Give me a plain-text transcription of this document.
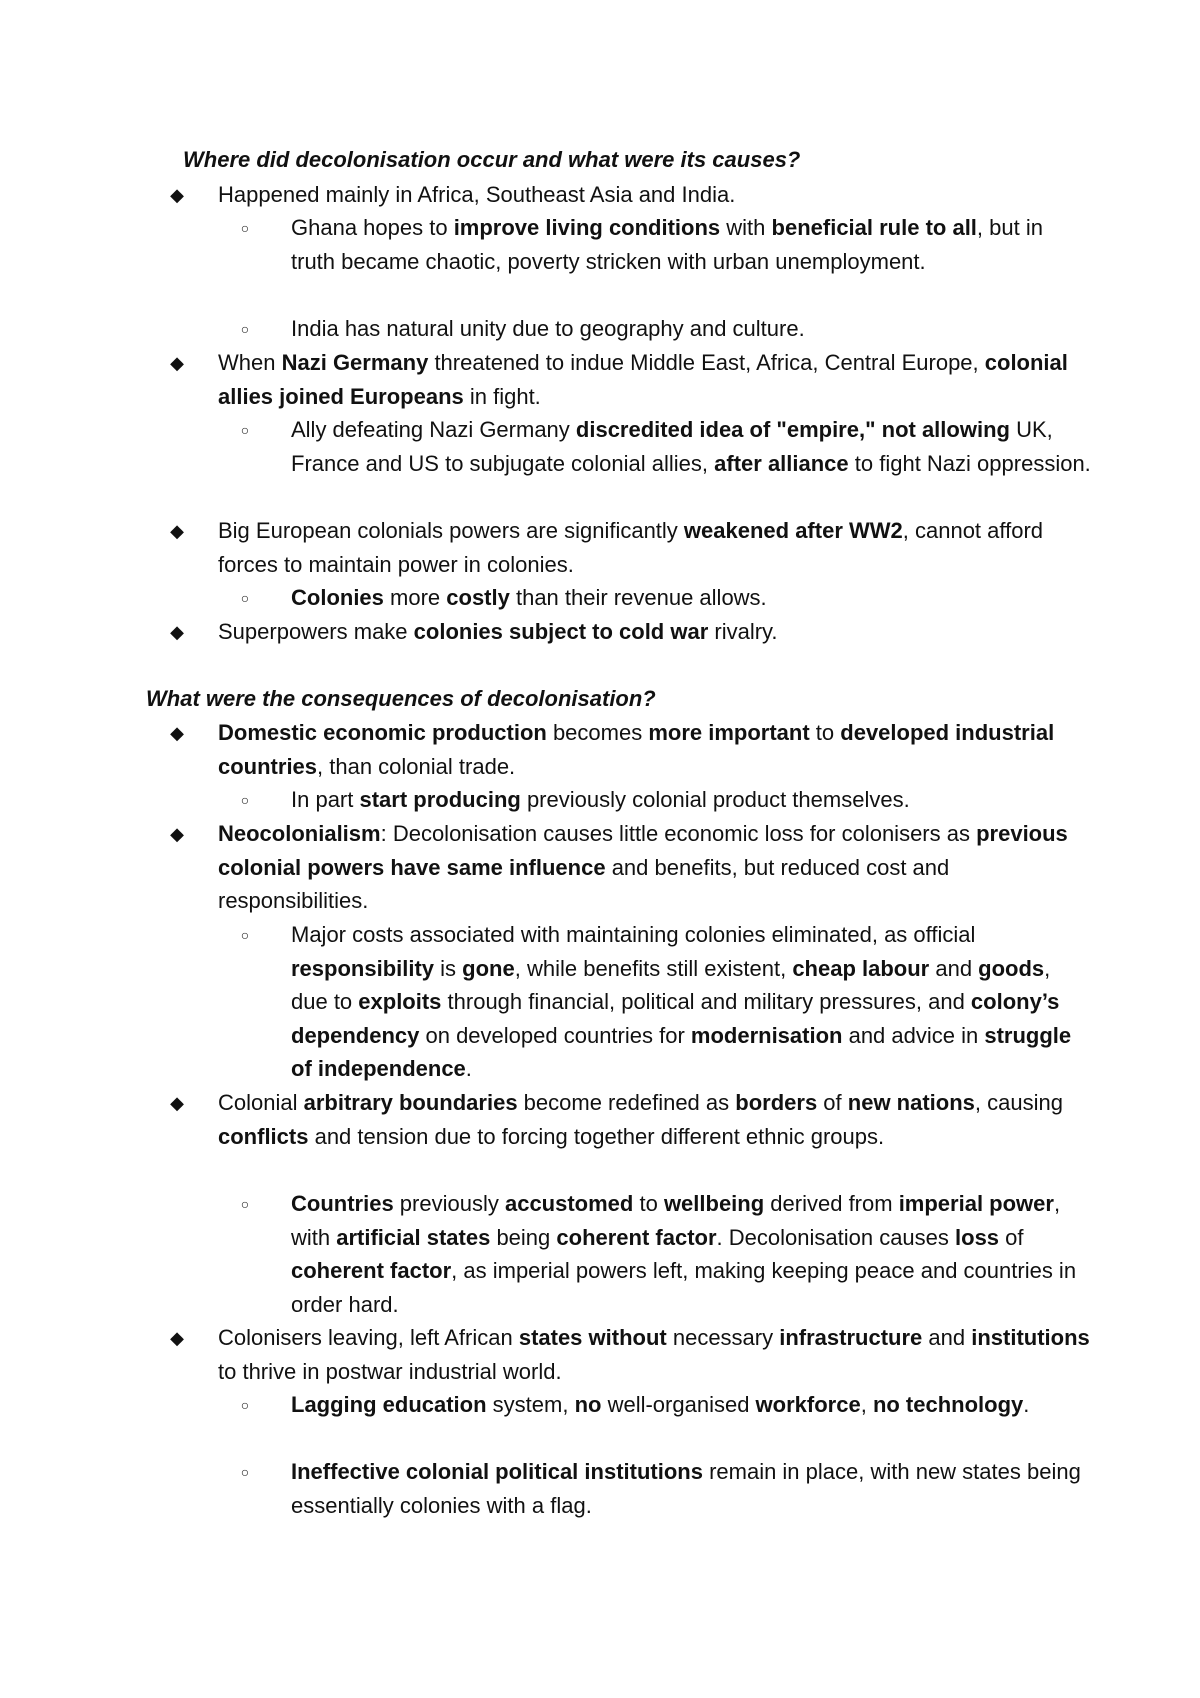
Where did decolonisation occur and what were its causes?
◆ Happened mainly in Africa, Southeast Asia and India.

○ Ghana hopes to improve living conditions with beneficial rule to all, but in truth became chaotic, poverty stricken with urban unemployment.

○ India has natural unity due to geography and culture.

◆ When Nazi Germany threatened to indue Middle East, Africa, Central Europe, colonial allies joined Europeans in fight.

○ Ally defeating Nazi Germany discredited idea of "empire," not allowing UK, France and US to subjugate colonial allies, after alliance to fight Nazi oppression.

◆ Big European colonials powers are significantly weakened after WW2, cannot afford forces to maintain power in colonies.

○ Colonies more costly than their revenue allows.

◆ Superpowers make colonies subject to cold war rivalry.

What were the consequences of decolonisation?
◆ Domestic economic production becomes more important to developed industrial countries, than colonial trade.

○ In part start producing previously colonial product themselves.

◆ Neocolonialism: Decolonisation causes little economic loss for colonisers as previous colonial powers have same influence and benefits, but reduced cost and responsibilities.

○ Major costs associated with maintaining colonies eliminated, as official responsibility is gone, while benefits still existent, cheap labour and goods, due to exploits through financial, political and military pressures, and colony’s dependency on developed countries for modernisation and advice in struggle of independence.

◆ Colonial arbitrary boundaries become redefined as borders of new nations, causing conflicts and tension due to forcing together different ethnic groups.

○ Countries previously accustomed to wellbeing derived from imperial power, with artificial states being coherent factor. Decolonisation causes loss of coherent factor, as imperial powers left, making keeping peace and countries in order hard.

◆ Colonisers leaving, left African states without necessary infrastructure and institutions to thrive in postwar industrial world.

○ Lagging education system, no well-organised workforce, no technology.

○ Ineffective colonial political institutions remain in place, with new states being essentially colonies with a flag.
